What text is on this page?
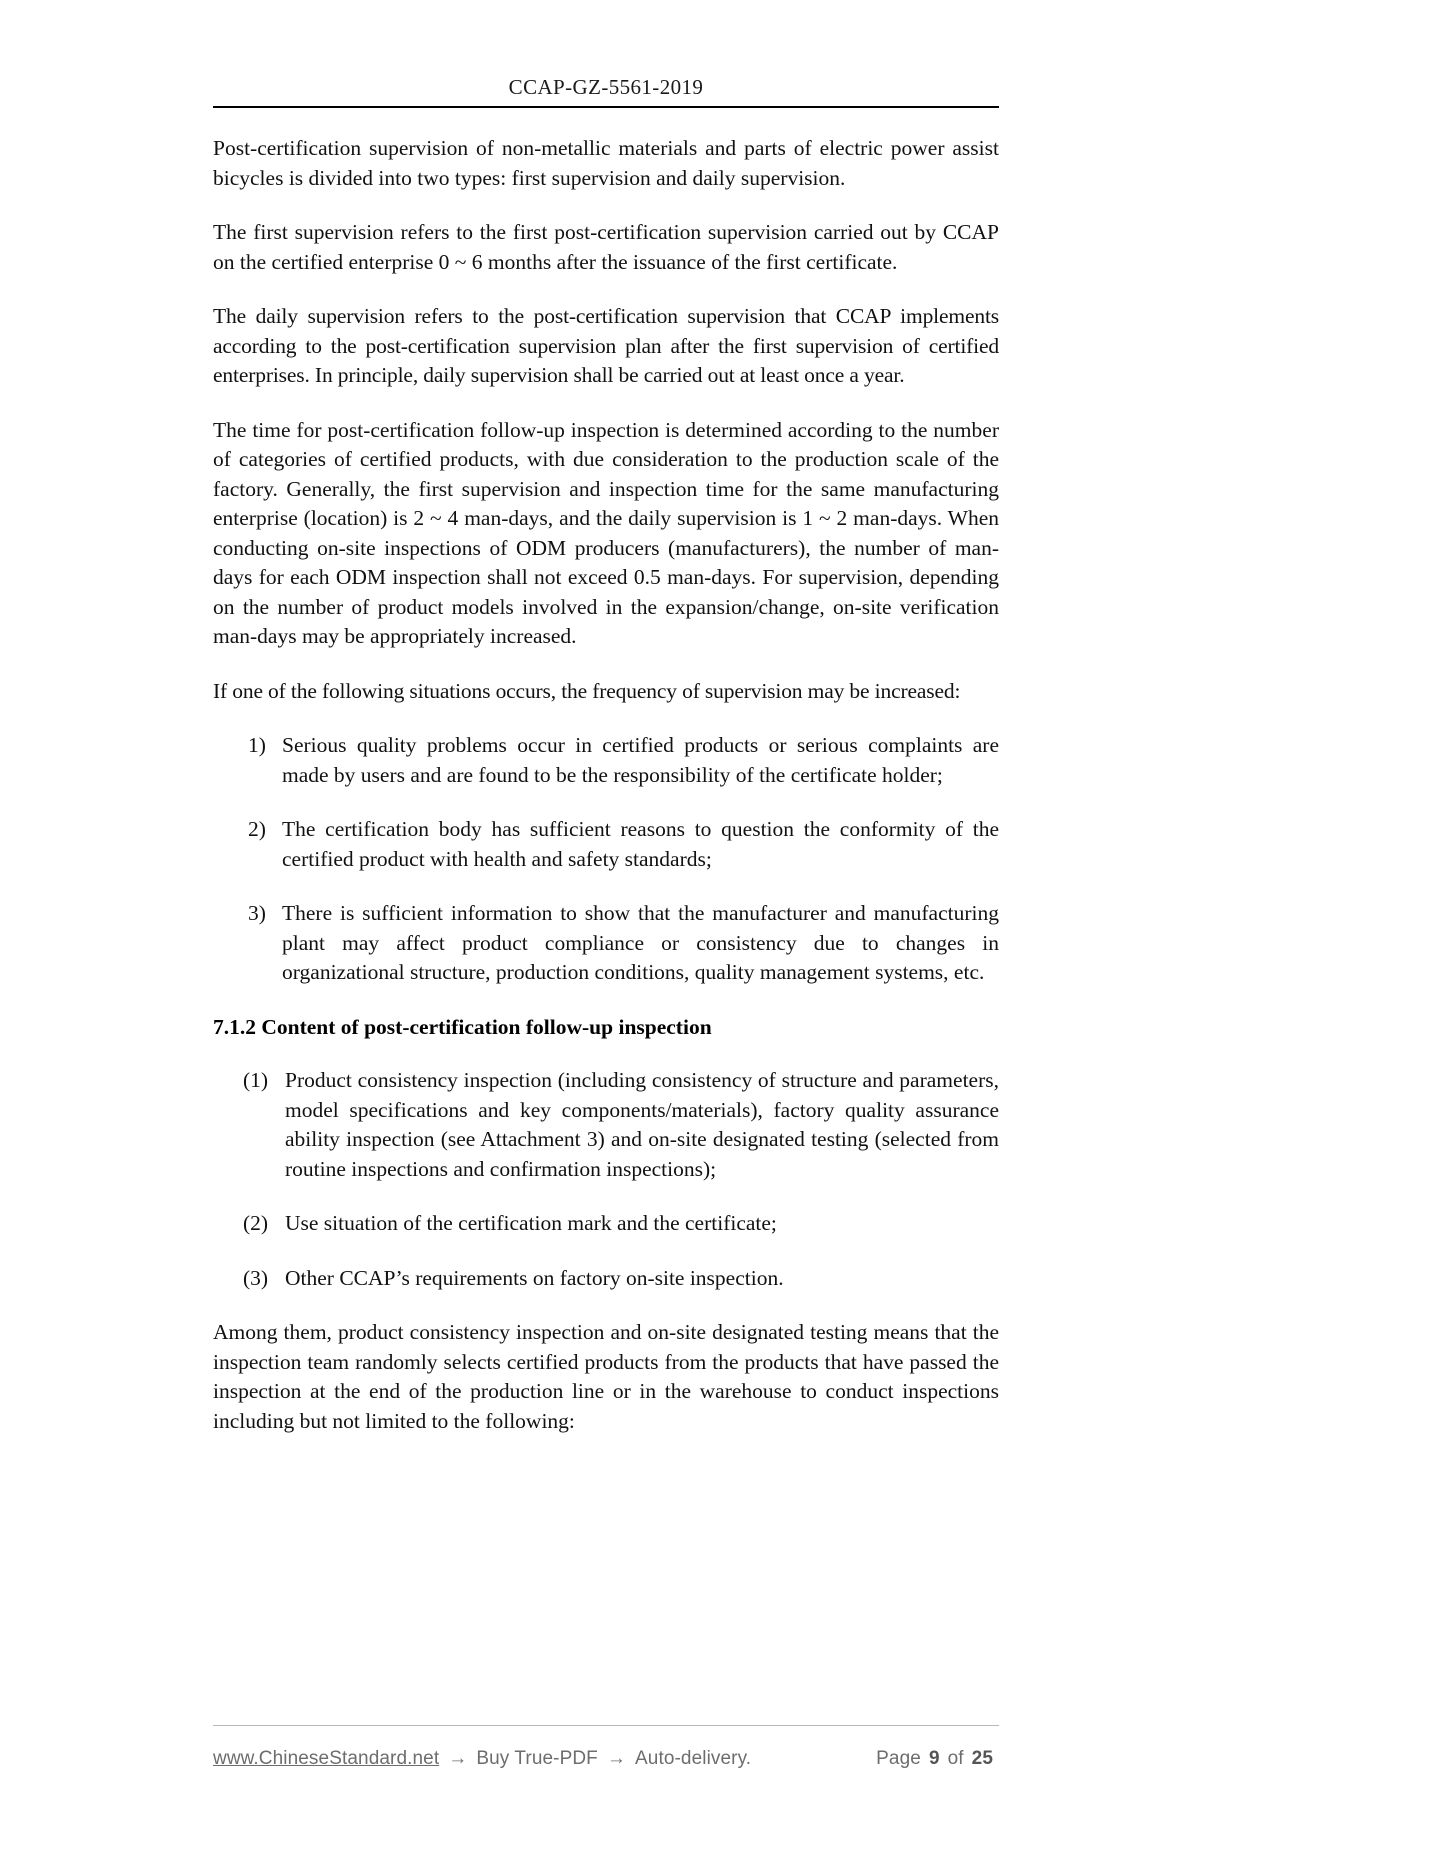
CCAP-GZ-5561-2019

Post-certification supervision of non-metallic materials and parts of electric power assist bicycles is divided into two types: first supervision and daily supervision.

The first supervision refers to the first post-certification supervision carried out by CCAP on the certified enterprise 0 ~ 6 months after the issuance of the first certificate.

The daily supervision refers to the post-certification supervision that CCAP implements according to the post-certification supervision plan after the first supervision of certified enterprises. In principle, daily supervision shall be carried out at least once a year.

The time for post-certification follow-up inspection is determined according to the number of categories of certified products, with due consideration to the production scale of the factory. Generally, the first supervision and inspection time for the same manufacturing enterprise (location) is 2 ~ 4 man-days, and the daily supervision is 1 ~ 2 man-days. When conducting on-site inspections of ODM producers (manufacturers), the number of man-days for each ODM inspection shall not exceed 0.5 man-days. For supervision, depending on the number of product models involved in the expansion/change, on-site verification man-days may be appropriately increased.

If one of the following situations occurs, the frequency of supervision may be increased:

1) Serious quality problems occur in certified products or serious complaints are made by users and are found to be the responsibility of the certificate holder;
2) The certification body has sufficient reasons to question the conformity of the certified product with health and safety standards;
3) There is sufficient information to show that the manufacturer and manufacturing plant may affect product compliance or consistency due to changes in organizational structure, production conditions, quality management systems, etc.
7.1.2 Content of post-certification follow-up inspection
(1) Product consistency inspection (including consistency of structure and parameters, model specifications and key components/materials), factory quality assurance ability inspection (see Attachment 3) and on-site designated testing (selected from routine inspections and confirmation inspections);
(2) Use situation of the certification mark and the certificate;
(3) Other CCAP’s requirements on factory on-site inspection.

Among them, product consistency inspection and on-site designated testing means that the inspection team randomly selects certified products from the products that have passed the inspection at the end of the production line or in the warehouse to conduct inspections including but not limited to the following:

www.ChineseStandard.net → Buy True-PDF → Auto-delivery.	Page 9 of 25
